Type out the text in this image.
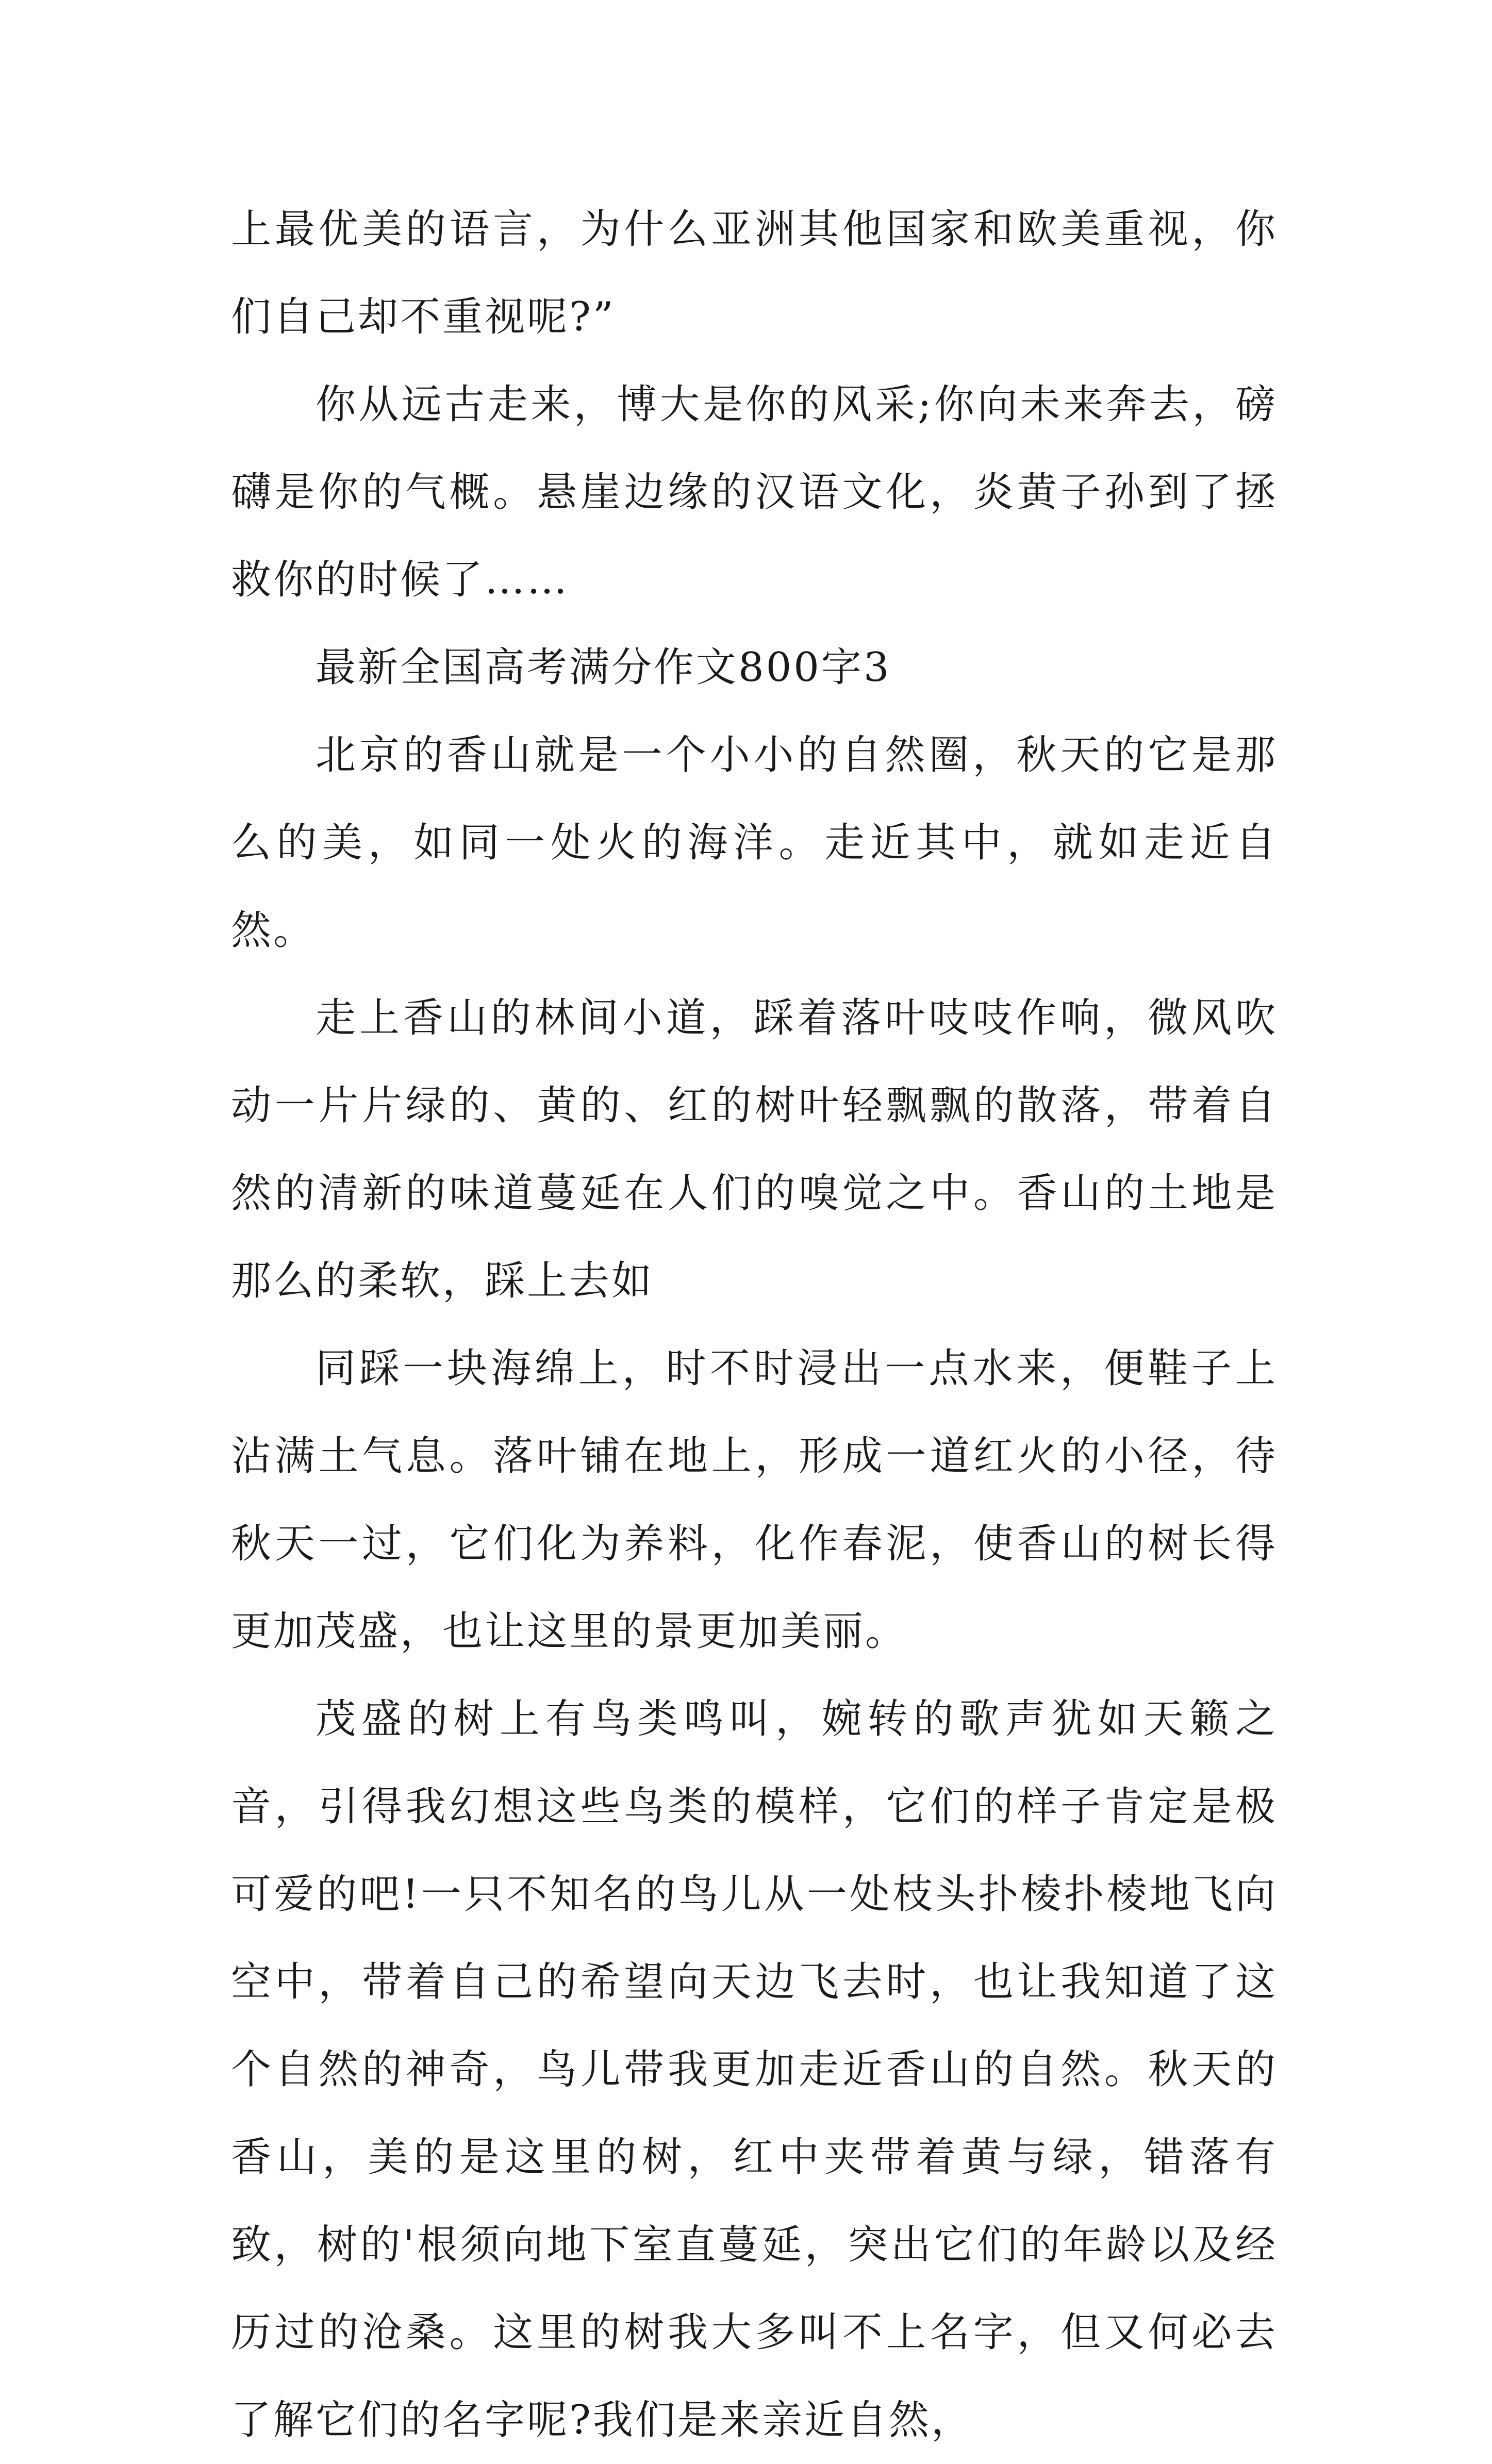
上最优美的语言，为什么亚洲其他国家和欧美重视，你们自己却不重视呢?”

你从远古走来，博大是你的风采;你向未来奔去，磅礴是你的气概。悬崖边缘的汉语文化，炎黄子孙到了拯救你的时候了……

最新全国高考满分作文800字3

北京的香山就是一个小小的自然圈，秋天的它是那么的美，如同一处火的海洋。走近其中，就如走近自然。

走上香山的林间小道，踩着落叶吱吱作响，微风吹动一片片绿的、黄的、红的树叶轻飘飘的散落，带着自然的清新的味道蔓延在人们的嗅觉之中。香山的土地是那么的柔软，踩上去如

同踩一块海绵上，时不时浸出一点水来，便鞋子上沾满土气息。落叶铺在地上，形成一道红火的小径，待秋天一过，它们化为养料，化作春泥，使香山的树长得更加茂盛，也让这里的景更加美丽。

茂盛的树上有鸟类鸣叫，婉转的歌声犹如天籁之音，引得我幻想这些鸟类的模样，它们的样子肯定是极可爱的吧!一只不知名的鸟儿从一处枝头扑棱扑棱地飞向空中，带着自己的希望向天边飞去时，也让我知道了这个自然的神奇，鸟儿带我更加走近香山的自然。秋天的香山，美的是这里的树，红中夹带着黄与绿，错落有致，树的'根须向地下室直蔓延，突出它们的年龄以及经历过的沧桑。这里的树我大多叫不上名字，但又何必去了解它们的名字呢?我们是来亲近自然，
